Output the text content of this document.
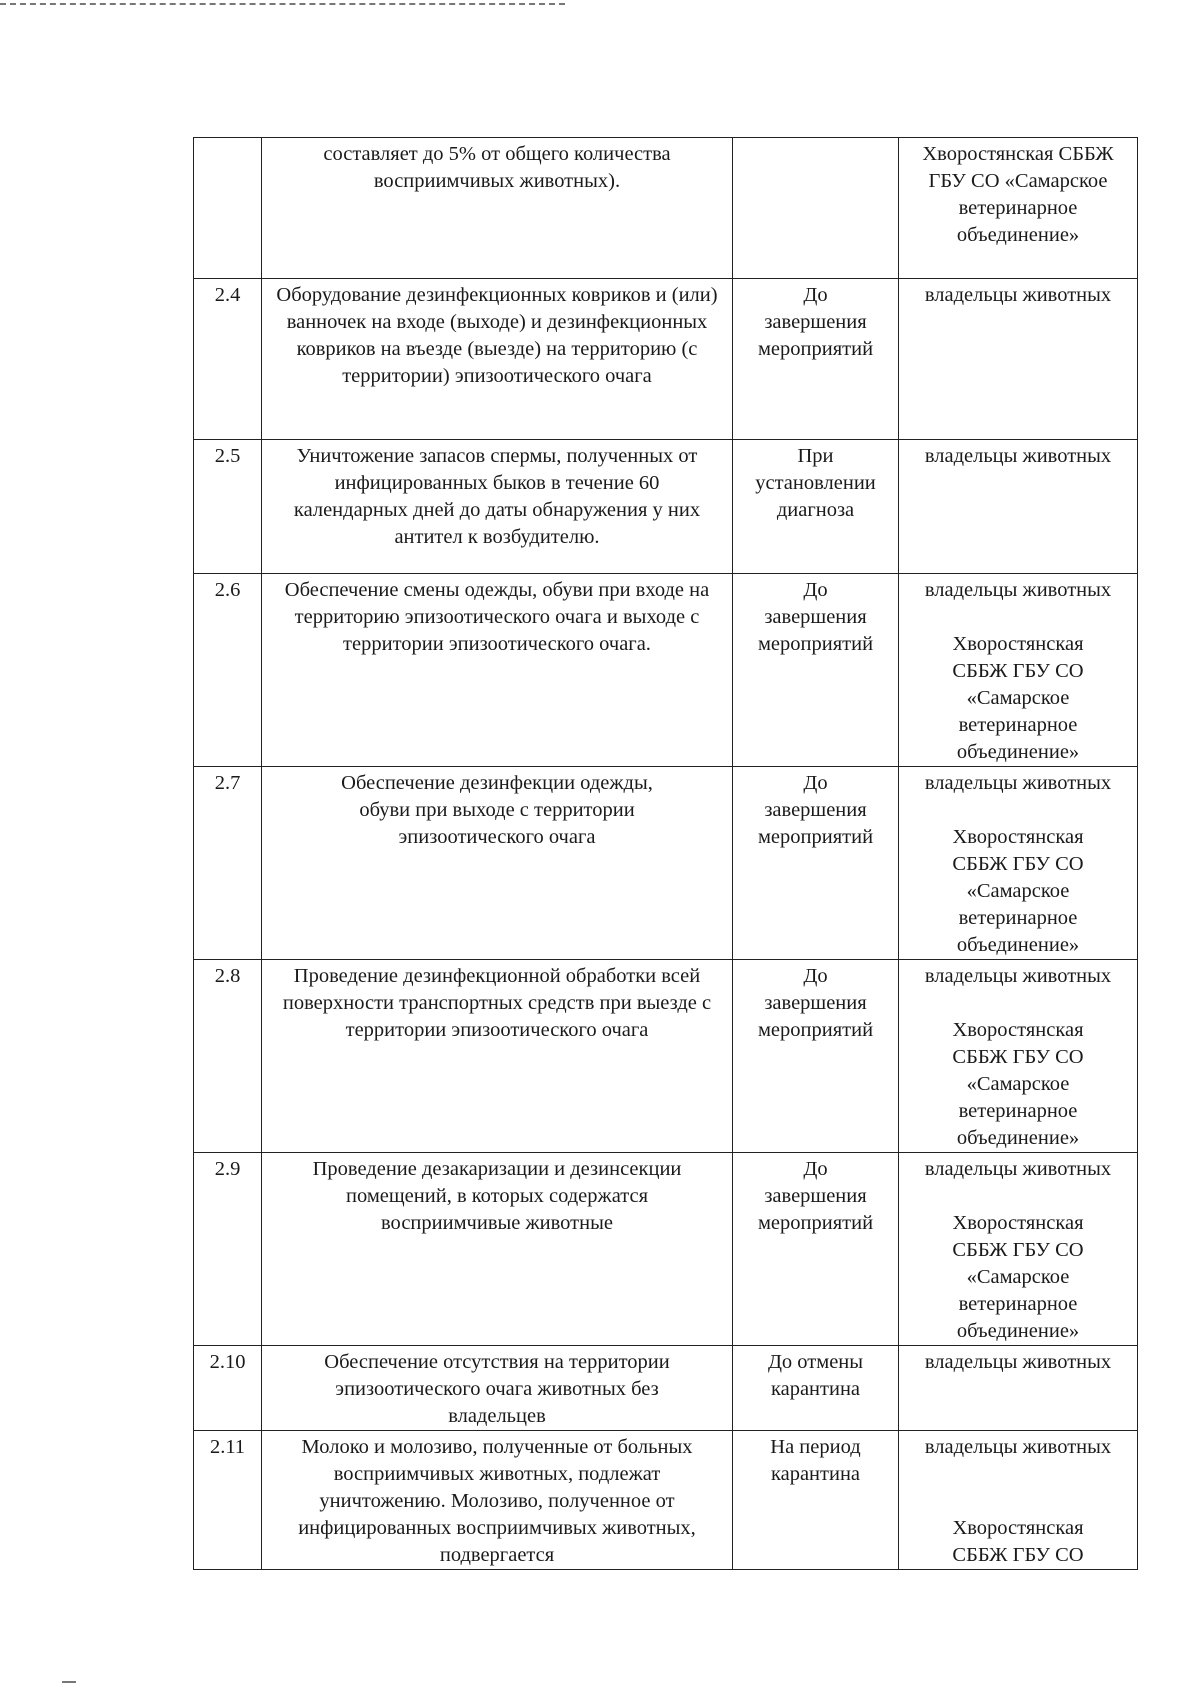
	составляет до 5% от общего количества восприимчивых животных).		Хворостянская СББЖ ГБУ СО «Самарское ветеринарное объединение»

2.4	Оборудование дезинфекционных ковриков и (или) ванночек на входе (выходе) и дезинфекционных ковриков на въезде (выезде) на территорию (с территории) эпизоотического очага	До завершения мероприятий	владельцы животных

2.5	Уничтожение запасов спермы, полученных от инфицированных быков в течение 60 календарных дней до даты обнаружения у них антител к возбудителю.	При установлении диагноза	владельцы животных

2.6	Обеспечение смены одежды, обуви при входе на территорию эпизоотического очага и выходе с территории эпизоотического очага.	До завершения мероприятий	владельцы животных
Хворостянская СББЖ ГБУ СО «Самарское ветеринарное объединение»

2.7	Обеспечение дезинфекции одежды, обуви при выходе с территории эпизоотического очага	До завершения мероприятий	владельцы животных
Хворостянская СББЖ ГБУ СО «Самарское ветеринарное объединение»

2.8	Проведение дезинфекционной обработки всей поверхности транспортных средств при выезде с территории эпизоотического очага	До завершения мероприятий	владельцы животных
Хворостянская СББЖ ГБУ СО «Самарское ветеринарное объединение»

2.9	Проведение дезакаризации и дезинсекции помещений, в которых содержатся восприимчивые животные	До завершения мероприятий	владельцы животных
Хворостянская СББЖ ГБУ СО «Самарское ветеринарное объединение»

2.10	Обеспечение отсутствия на территории эпизоотического очага животных без владельцев	До отмены карантина	владельцы животных

2.11	Молоко и молозиво, полученные от больных восприимчивых животных, подлежат уничтожению. Молозиво, полученное от инфицированных восприимчивых животных, подвергается	На период карантина	владельцы животных
Хворостянская СББЖ ГБУ СО
